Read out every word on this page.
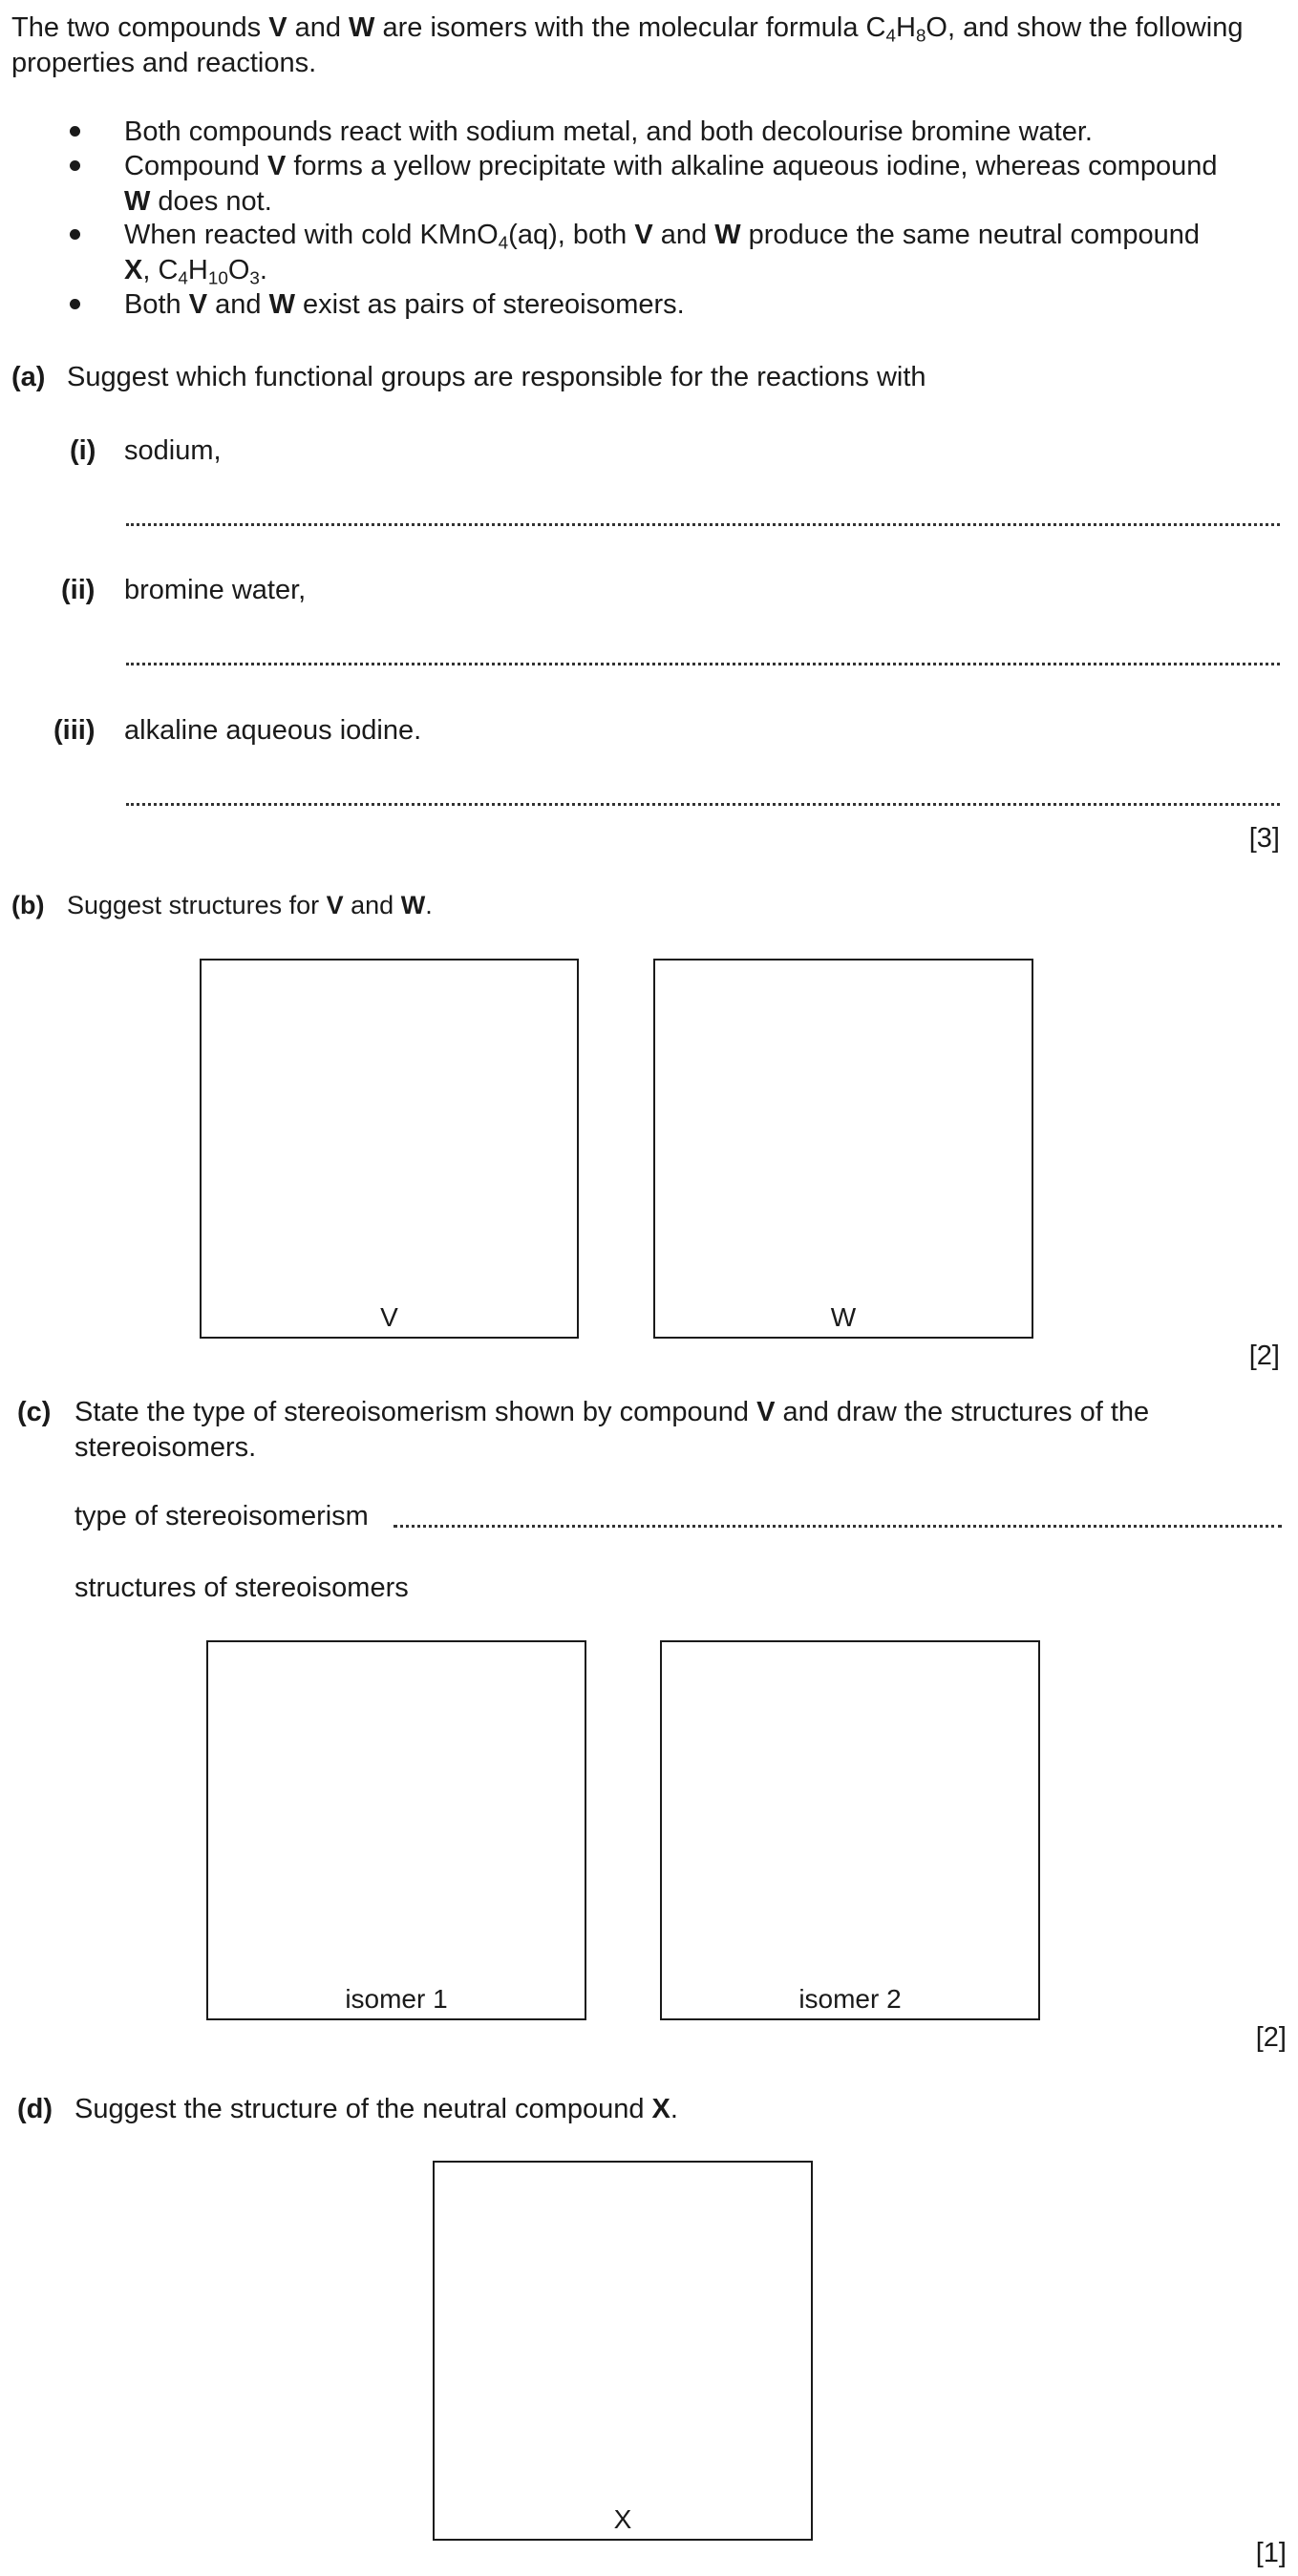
The two compounds V and W are isomers with the molecular formula $C_4H_8O$, and show the following
properties and reactions.
Both compounds react with sodium metal, and both decolourise bromine water.
Compound V forms a yellow precipitate with alkaline aqueous iodine, whereas compound
W does not.
When reacted with cold KMnO$_4$(aq), both V and W produce the same neutral compound
X, $C_4H_{10}O_3$.
Both V and W exist as pairs of stereoisomers.
(a) Suggest which functional groups are responsible for the reactions with
(i) sodium,
(ii) bromine water,
(iii) alkaline aqueous iodine.
[3]
(b) Suggest structures for V and W.
V	W
[2]
(c) State the type of stereoisomerism shown by compound V and draw the structures of the
stereoisomers.
type of stereoisomerism
structures of stereoisomers
isomer 1	isomer 2
[2]
(d) Suggest the structure of the neutral compound X.
X
[1]
